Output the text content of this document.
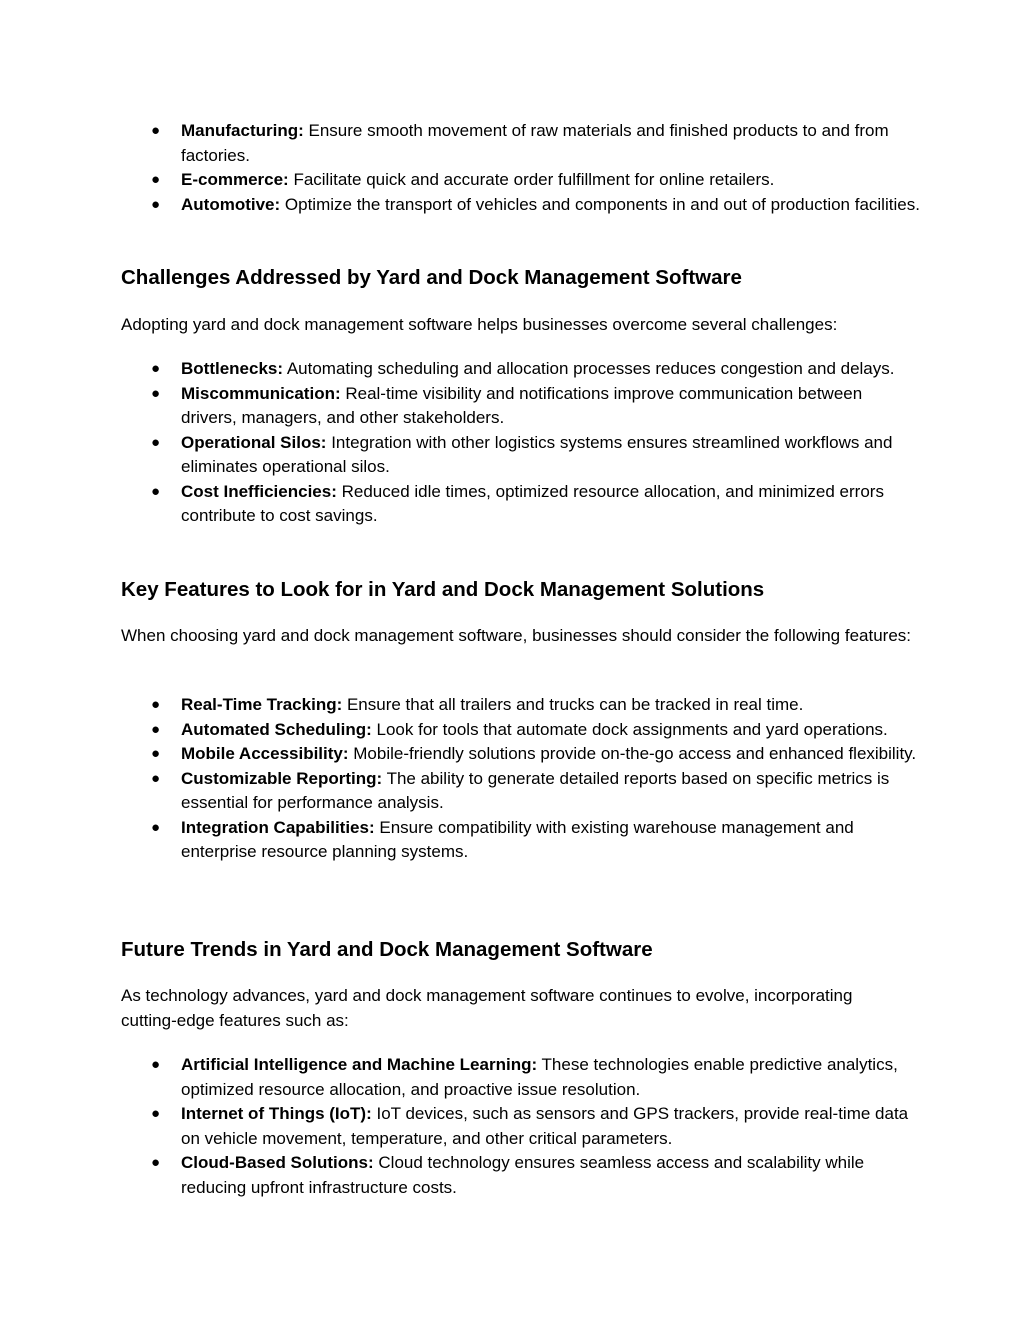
● Manufacturing: Ensure smooth movement of raw materials and finished products to and from factories.
● E-commerce: Facilitate quick and accurate order fulfillment for online retailers.
● Automotive: Optimize the transport of vehicles and components in and out of production facilities.
Challenges Addressed by Yard and Dock Management Software
Adopting yard and dock management software helps businesses overcome several challenges:
● Bottlenecks: Automating scheduling and allocation processes reduces congestion and delays.
● Miscommunication: Real-time visibility and notifications improve communication between drivers, managers, and other stakeholders.
● Operational Silos: Integration with other logistics systems ensures streamlined workflows and eliminates operational silos.
● Cost Inefficiencies: Reduced idle times, optimized resource allocation, and minimized errors contribute to cost savings.
Key Features to Look for in Yard and Dock Management Solutions
When choosing yard and dock management software, businesses should consider the following features:
● Real-Time Tracking: Ensure that all trailers and trucks can be tracked in real time.
● Automated Scheduling: Look for tools that automate dock assignments and yard operations.
● Mobile Accessibility: Mobile-friendly solutions provide on-the-go access and enhanced flexibility.
● Customizable Reporting: The ability to generate detailed reports based on specific metrics is essential for performance analysis.
● Integration Capabilities: Ensure compatibility with existing warehouse management and enterprise resource planning systems.
Future Trends in Yard and Dock Management Software
As technology advances, yard and dock management software continues to evolve, incorporating cutting-edge features such as:
● Artificial Intelligence and Machine Learning: These technologies enable predictive analytics, optimized resource allocation, and proactive issue resolution.
● Internet of Things (IoT): IoT devices, such as sensors and GPS trackers, provide real-time data on vehicle movement, temperature, and other critical parameters.
● Cloud-Based Solutions: Cloud technology ensures seamless access and scalability while reducing upfront infrastructure costs.
